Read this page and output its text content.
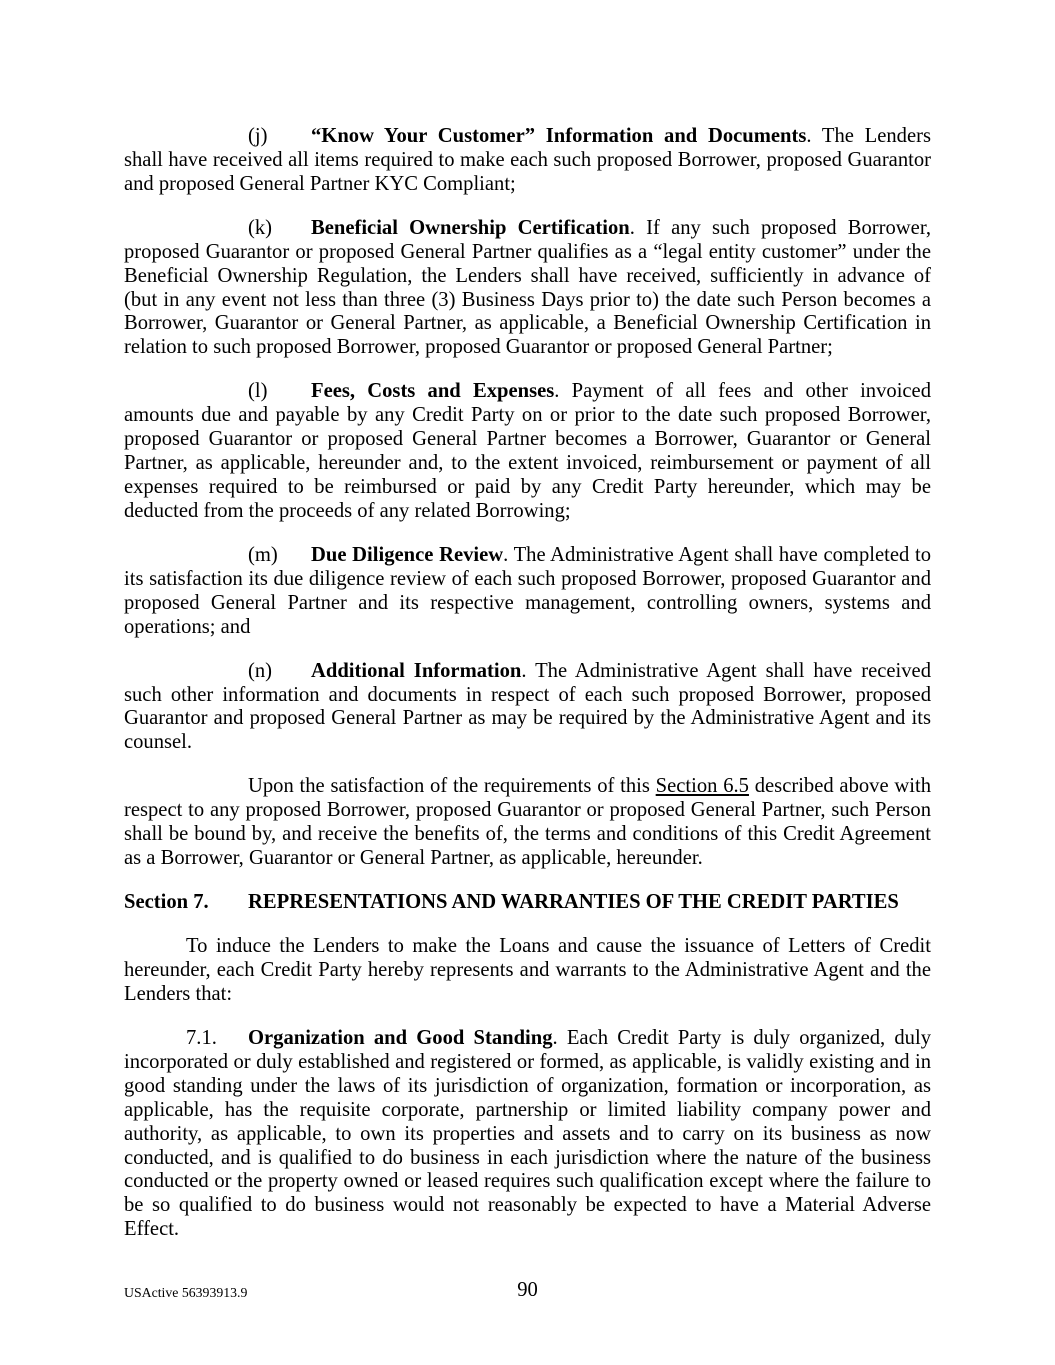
(j) “Know Your Customer” Information and Documents. The Lenders
shall have received all items required to make each such proposed Borrower, proposed Guarantor
and proposed General Partner KYC Compliant;
(k) Beneficial Ownership Certification. If any such proposed Borrower,
proposed Guarantor or proposed General Partner qualifies as a “legal entity customer” under the
Beneficial Ownership Regulation, the Lenders shall have received, sufficiently in advance of
(but in any event not less than three (3) Business Days prior to) the date such Person becomes a
Borrower, Guarantor or General Partner, as applicable, a Beneficial Ownership Certification in
relation to such proposed Borrower, proposed Guarantor or proposed General Partner;
(l) Fees, Costs and Expenses. Payment of all fees and other invoiced
amounts due and payable by any Credit Party on or prior to the date such proposed Borrower,
proposed Guarantor or proposed General Partner becomes a Borrower, Guarantor or General
Partner, as applicable, hereunder and, to the extent invoiced, reimbursement or payment of all
expenses required to be reimbursed or paid by any Credit Party hereunder, which may be
deducted from the proceeds of any related Borrowing;
(m) Due Diligence Review. The Administrative Agent shall have completed to
its satisfaction its due diligence review of each such proposed Borrower, proposed Guarantor and
proposed General Partner and its respective management, controlling owners, systems and
operations; and
(n) Additional Information. The Administrative Agent shall have received
such other information and documents in respect of each such proposed Borrower, proposed
Guarantor and proposed General Partner as may be required by the Administrative Agent and its
counsel.
Upon the satisfaction of the requirements of this Section 6.5 described above with
respect to any proposed Borrower, proposed Guarantor or proposed General Partner, such Person
shall be bound by, and receive the benefits of, the terms and conditions of this Credit Agreement
as a Borrower, Guarantor or General Partner, as applicable, hereunder.
Section 7. REPRESENTATIONS AND WARRANTIES OF THE CREDIT PARTIES
To induce the Lenders to make the Loans and cause the issuance of Letters of Credit
hereunder, each Credit Party hereby represents and warrants to the Administrative Agent and the
Lenders that:
7.1. Organization and Good Standing. Each Credit Party is duly organized, duly
incorporated or duly established and registered or formed, as applicable, is validly existing and in
good standing under the laws of its jurisdiction of organization, formation or incorporation, as
applicable, has the requisite corporate, partnership or limited liability company power and
authority, as applicable, to own its properties and assets and to carry on its business as now
conducted, and is qualified to do business in each jurisdiction where the nature of the business
conducted or the property owned or leased requires such qualification except where the failure to
be so qualified to do business would not reasonably be expected to have a Material Adverse
Effect.
USActive 56393913.9	90
